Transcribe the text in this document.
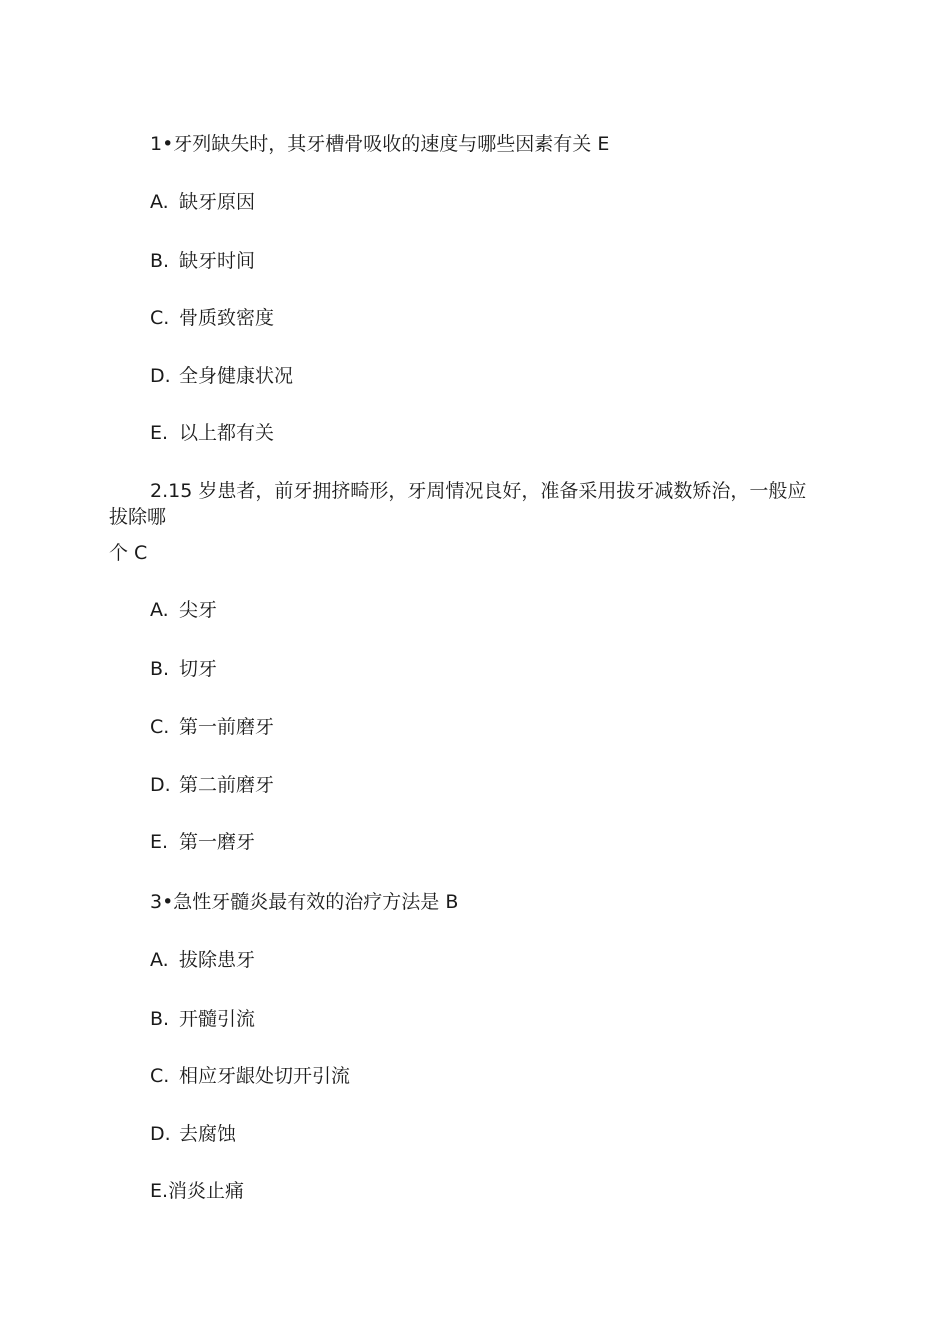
1•牙列缺失时，其牙槽骨吸收的速度与哪些因素有关 E
A. 缺牙原因
B. 缺牙时间
C. 骨质致密度
D. 全身健康状况
E. 以上都有关
2.15 岁患者，前牙拥挤畸形，牙周情况良好，准备采用拔牙减数矫治，一般应
拔除哪
个 C
A. 尖牙
B. 切牙
C. 第一前磨牙
D. 第二前磨牙
E. 第一磨牙
3•急性牙髓炎最有效的治疗方法是 B
A. 拔除患牙
B. 开髓引流
C. 相应牙龈处切开引流
D. 去腐蚀
E.消炎止痛
